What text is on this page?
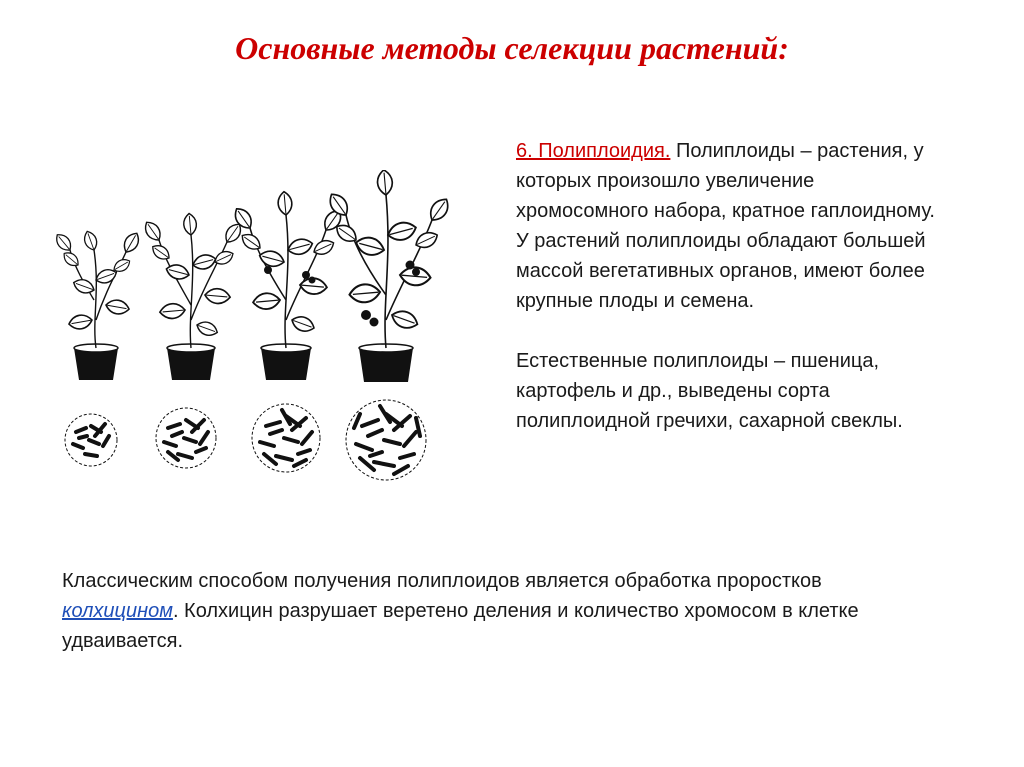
Основные методы селекции растений:

6. Полиплоидия. Полиплоиды – растения, у которых произошло увеличение хромосомного набора, кратное гаплоидному. У растений полиплоиды обладают большей массой вегетативных органов, имеют более крупные плоды и семена.

Естественные полиплоиды – пшеница, картофель и др., выведены сорта полиплоидной гречихи, сахарной свеклы.

Классическим способом получения полиплоидов является обработка проростков колхицином. Колхицин разрушает веретено деления и количество хромосом в клетке удваивается.
